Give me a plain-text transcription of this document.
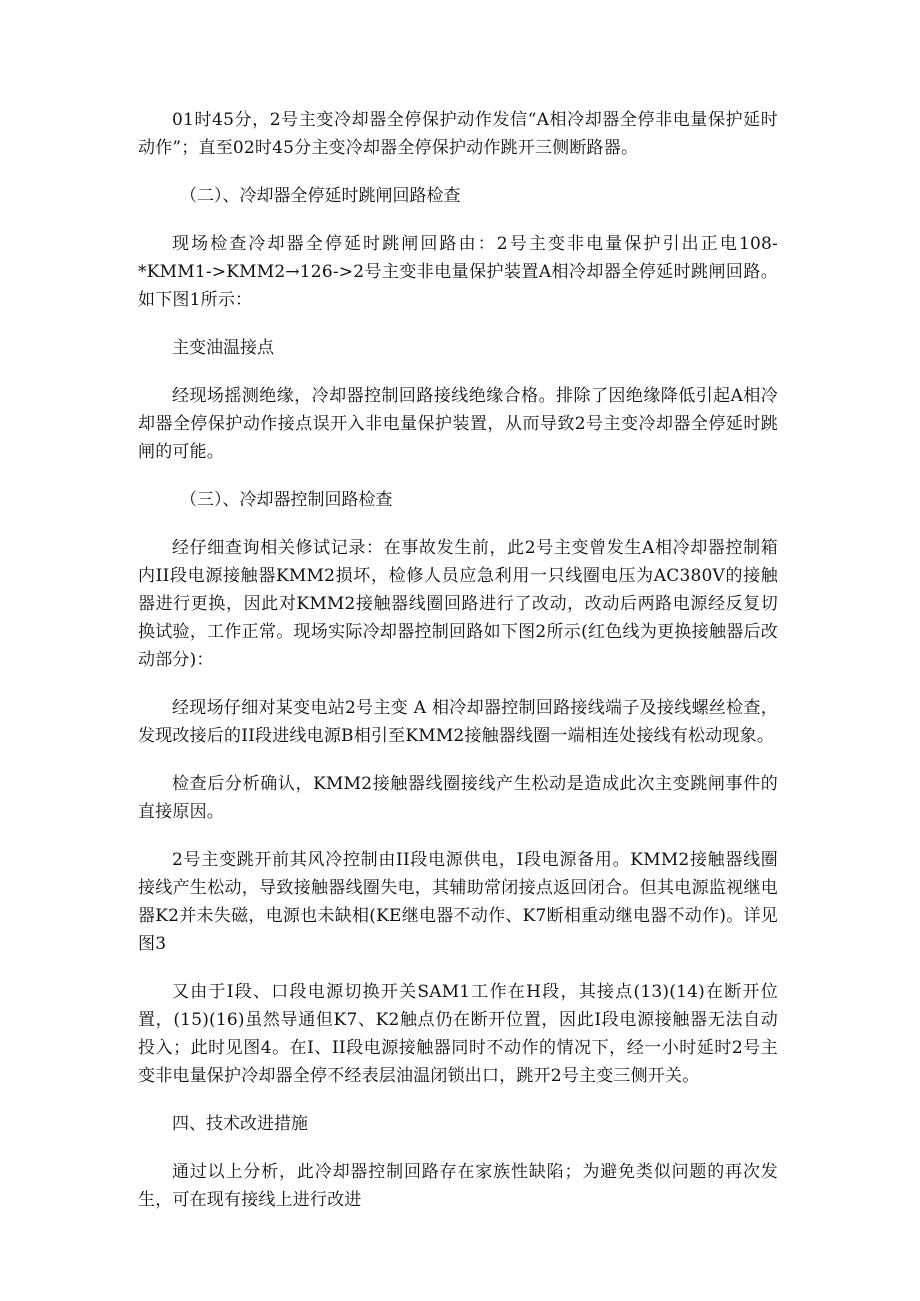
01时45分，2号主变冷却器全停保护动作发信“A相冷却器全停非电量保护延时动作”；直至02时45分主变冷却器全停保护动作跳开三侧断路器。

（二）、冷却器全停延时跳闸回路检查

现场检查冷却器全停延时跳闸回路由：2号主变非电量保护引出正电108-*KMM1->KMM2→126->2号主变非电量保护装置A相冷却器全停延时跳闸回路。如下图1所示：

主变油温接点

经现场摇测绝缘，冷却器控制回路接线绝缘合格。排除了因绝缘降低引起A相冷却器全停保护动作接点误开入非电量保护装置，从而导致2号主变冷却器全停延时跳闸的可能。

（三）、冷却器控制回路检查

经仔细查询相关修试记录：在事故发生前，此2号主变曾发生A相冷却器控制箱内II段电源接触器KMM2损坏，检修人员应急利用一只线圈电压为AC380V的接触器进行更换，因此对KMM2接触器线圈回路进行了改动，改动后两路电源经反复切换试验，工作正常。现场实际冷却器控制回路如下图2所示(红色线为更换接触器后改动部分)：

经现场仔细对某变电站2号主变 A 相冷却器控制回路接线端子及接线螺丝检查，发现改接后的II段进线电源B相引至KMM2接触器线圈一端相连处接线有松动现象。

检查后分析确认，KMM2接触器线圈接线产生松动是造成此次主变跳闸事件的直接原因。

2号主变跳开前其风冷控制由II段电源供电，I段电源备用。KMM2接触器线圈接线产生松动，导致接触器线圈失电，其辅助常闭接点返回闭合。但其电源监视继电器K2并未失磁，电源也未缺相(KE继电器不动作、K7断相重动继电器不动作)。详见图3

又由于I段、口段电源切换开关SAM1工作在H段，其接点(13)(14)在断开位置，(15)(16)虽然导通但K7、K2触点仍在断开位置，因此I段电源接触器无法自动投入；此时见图4。在I、II段电源接触器同时不动作的情况下，经一小时延时2号主变非电量保护冷却器全停不经表层油温闭锁出口，跳开2号主变三侧开关。

四、技术改进措施

通过以上分析，此冷却器控制回路存在家族性缺陷；为避免类似问题的再次发生，可在现有接线上进行改进
